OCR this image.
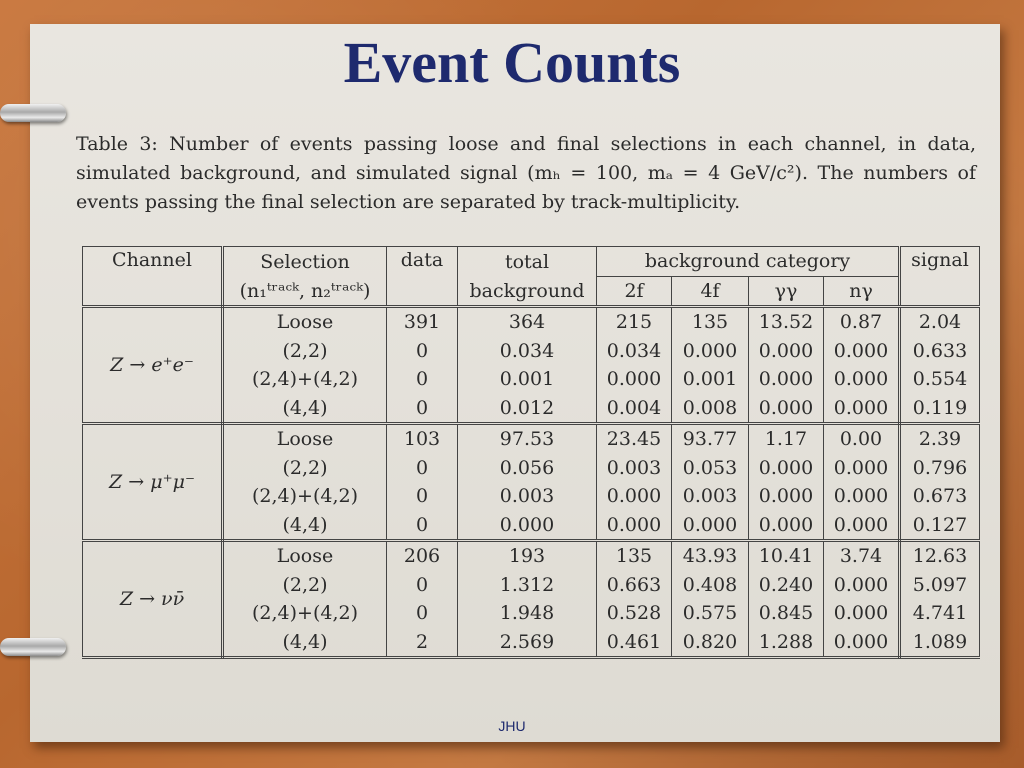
Event Counts
Table 3: Number of events passing loose and final selections in each channel, in data, simulated background, and simulated signal (mₕ = 100, mₐ = 4 GeV/c²). The numbers of events passing the final selection are separated by track-multiplicity.
Channel	Selection	data	total	background category				signal
	(n₁ᵗʳᵃᶜᵏ, n₂ᵗʳᵃᶜᵏ)		background	2f	4f	γγ	nγ	
Z → e⁺e⁻	Loose	391	364	215	135	13.52	0.87	2.04
	(2,2)	0	0.034	0.034	0.000	0.000	0.000	0.633
	(2,4)+(4,2)	0	0.001	0.000	0.001	0.000	0.000	0.554
	(4,4)	0	0.012	0.004	0.008	0.000	0.000	0.119
Z → μ⁺μ⁻	Loose	103	97.53	23.45	93.77	1.17	0.00	2.39
	(2,2)	0	0.056	0.003	0.053	0.000	0.000	0.796
	(2,4)+(4,2)	0	0.003	0.000	0.003	0.000	0.000	0.673
	(4,4)	0	0.000	0.000	0.000	0.000	0.000	0.127
Z → νν̄	Loose	206	193	135	43.93	10.41	3.74	12.63
	(2,2)	0	1.312	0.663	0.408	0.240	0.000	5.097
	(2,4)+(4,2)	0	1.948	0.528	0.575	0.845	0.000	4.741
	(4,4)	2	2.569	0.461	0.820	1.288	0.000	1.089
JHU
